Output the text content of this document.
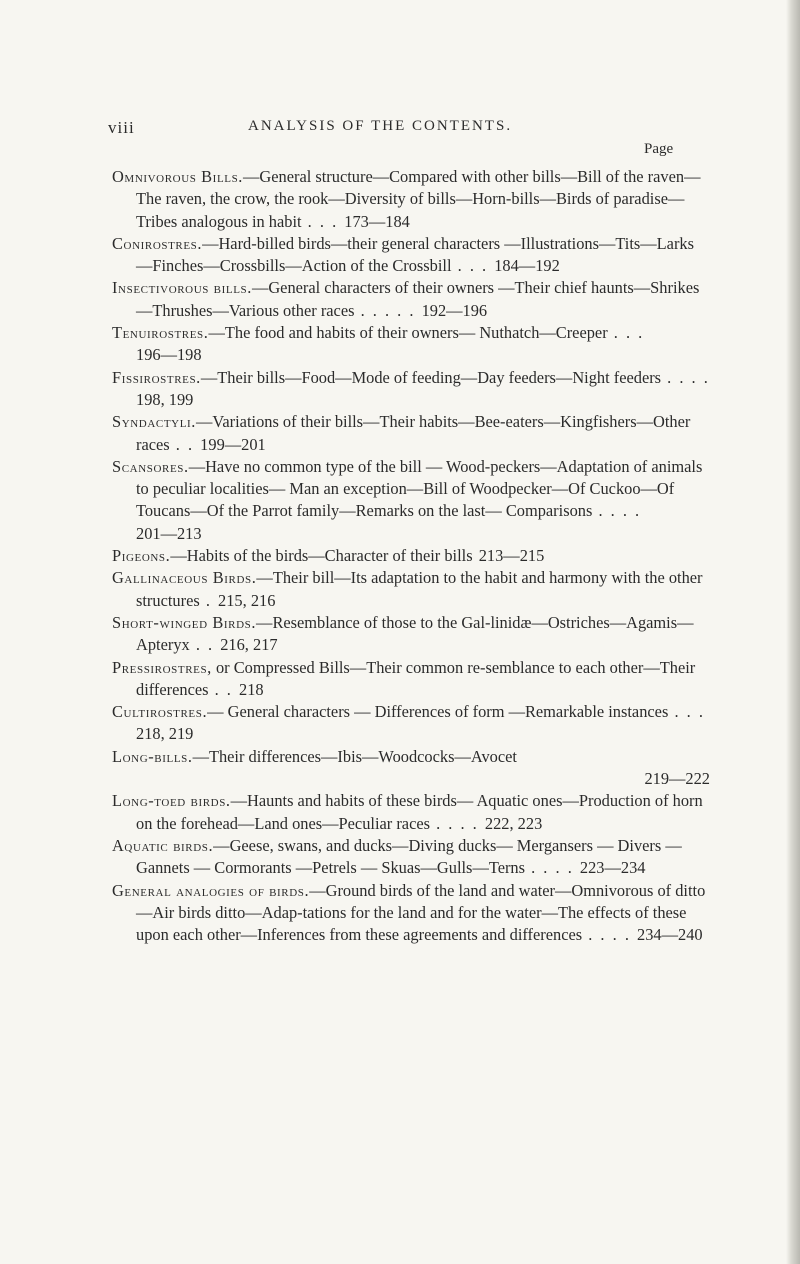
viii	ANALYSIS OF THE CONTENTS.
Page
Omnivorous Bills.—General structure—Compared with other bills—Bill of the raven—The raven, the crow, the rook—Diversity of bills—Horn-bills—Birds of paradise—Tribes analogous in habit . . . 173—184
Conirostres.—Hard-billed birds—their general characters —Illustrations—Tits—Larks—Finches—Crossbills—Action of the Crossbill . . . 184—192
Insectivorous bills.—General characters of their owners —Their chief haunts—Shrikes—Thrushes—Various other races . . . . . 192—196
Tenuirostres.—The food and habits of their owners— Nuthatch—Creeper . . . 196—198
Fissirostres.—Their bills—Food—Mode of feeding—Day feeders—Night feeders . . . . 198, 199
Syndactyli.—Variations of their bills—Their habits—Bee-eaters—Kingfishers—Other races . . 199—201
Scansores.—Have no common type of the bill — Wood-peckers—Adaptation of animals to peculiar localities— Man an exception—Bill of Woodpecker—Of Cuckoo—Of Toucans—Of the Parrot family—Remarks on the last— Comparisons . . . . 201—213
Pigeons.—Habits of the birds—Character of their bills 213—215
Gallinaceous Birds.—Their bill—Its adaptation to the habit and harmony with the other structures . 215, 216
Short-winged Birds.—Resemblance of those to the Gal-linidæ—Ostriches—Agamis—Apteryx . . 216, 217
Pressirostres, or Compressed Bills—Their common re-semblance to each other—Their differences . . 218
Cultirostres.— General characters — Differences of form —Remarkable instances . . . 218, 219
Long-bills.—Their differences—Ibis—Woodcocks—Avocet
219—222
Long-toed birds.—Haunts and habits of these birds— Aquatic ones—Production of horn on the forehead—Land ones—Peculiar races . . . . 222, 223
Aquatic birds.—Geese, swans, and ducks—Diving ducks— Mergansers — Divers — Gannets — Cormorants —Petrels — Skuas—Gulls—Terns . . . . 223—234
General analogies of birds.—Ground birds of the land and water—Omnivorous of ditto—Air birds ditto—Adap-tations for the land and for the water—The effects of these upon each other—Inferences from these agreements and differences . . . . 234—240
